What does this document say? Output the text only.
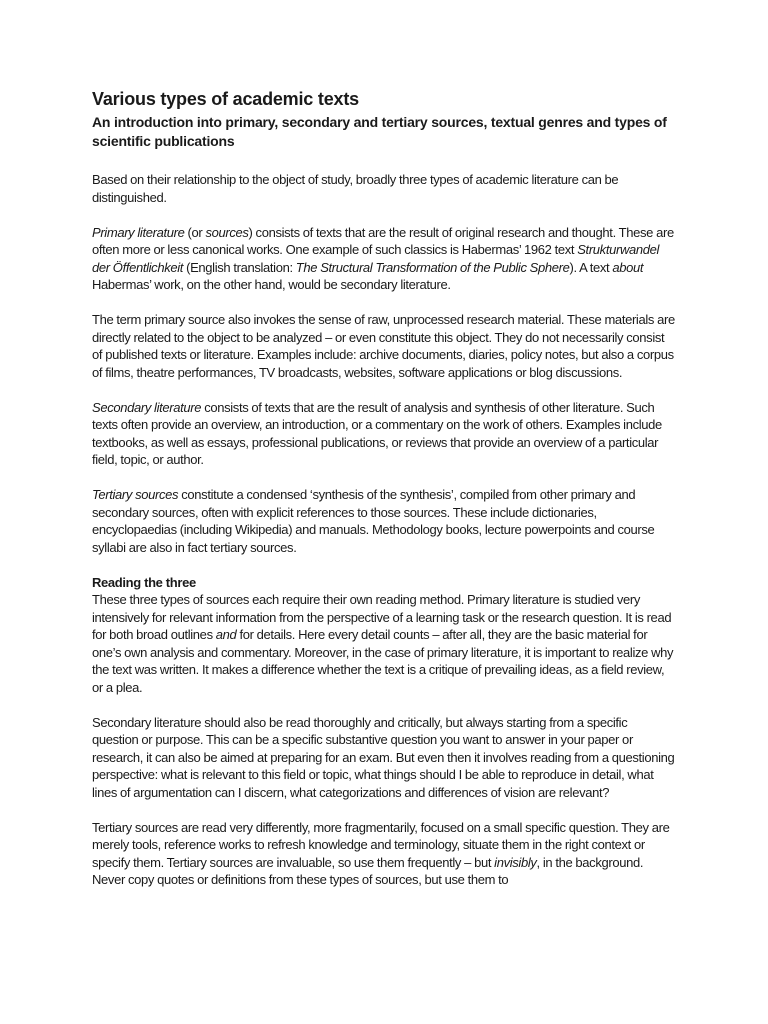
Various types of academic texts
An introduction into primary, secondary and tertiary sources, textual genres and types of scientific publications

Based on their relationship to the object of study, broadly three types of academic literature can be distinguished.

Primary literature (or sources) consists of texts that are the result of original research and thought. These are often more or less canonical works. One example of such classics is Habermas’ 1962 text Strukturwandel der Öffentlichkeit (English translation: The Structural Transformation of the Public Sphere). A text about Habermas’ work, on the other hand, would be secondary literature.

The term primary source also invokes the sense of raw, unprocessed research material. These materials are directly related to the object to be analyzed – or even constitute this object. They do not necessarily consist of published texts or literature. Examples include: archive documents, diaries, policy notes, but also a corpus of films, theatre performances, TV broadcasts, websites, software applications or blog discussions.

Secondary literature consists of texts that are the result of analysis and synthesis of other literature. Such texts often provide an overview, an introduction, or a commentary on the work of others. Examples include textbooks, as well as essays, professional publications, or reviews that provide an overview of a particular field, topic, or author.

Tertiary sources constitute a condensed ‘synthesis of the synthesis’, compiled from other primary and secondary sources, often with explicit references to those sources. These include dictionaries, encyclopaedias (including Wikipedia) and manuals. Methodology books, lecture powerpoints and course syllabi are also in fact tertiary sources.

Reading the three

These three types of sources each require their own reading method. Primary literature is studied very intensively for relevant information from the perspective of a learning task or the research question. It is read for both broad outlines and for details. Here every detail counts – after all, they are the basic material for one’s own analysis and commentary. Moreover, in the case of primary literature, it is important to realize why the text was written. It makes a difference whether the text is a critique of prevailing ideas, as a field review, or a plea.

Secondary literature should also be read thoroughly and critically, but always starting from a specific question or purpose. This can be a specific substantive question you want to answer in your paper or research, it can also be aimed at preparing for an exam. But even then it involves reading from a questioning perspective: what is relevant to this field or topic, what things should I be able to reproduce in detail, what lines of argumentation can I discern, what categorizations and differences of vision are relevant?

Tertiary sources are read very differently, more fragmentarily, focused on a small specific question. They are merely tools, reference works to refresh knowledge and terminology, situate them in the right context or specify them. Tertiary sources are invaluable, so use them frequently – but invisibly, in the background. Never copy quotes or definitions from these types of sources, but use them to
